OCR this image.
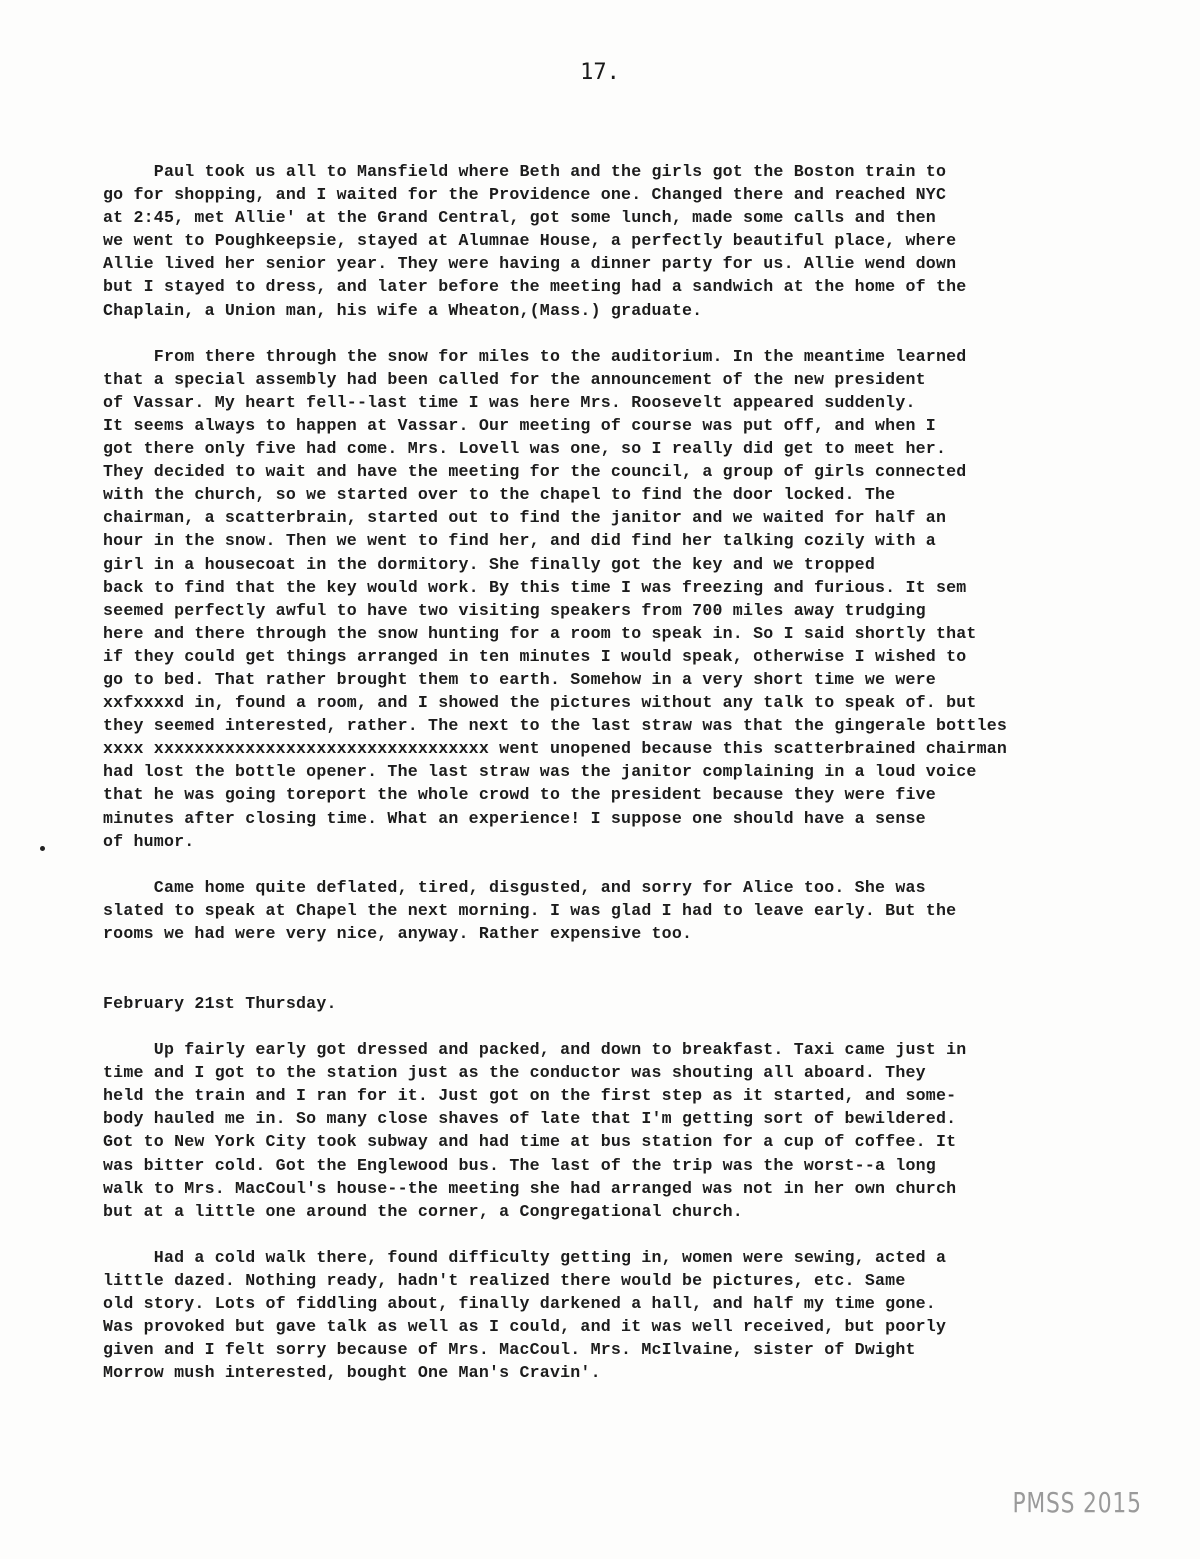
17.
Paul took us all to Mansfield where Beth and the girls got the Boston train to
go for shopping, and I waited for the Providence one. Changed there and reached NYC
at 2:45, met Allie' at the Grand Central, got some lunch, made some calls and then
we went to Poughkeepsie, stayed at Alumnae House, a perfectly beautiful place, where
Allie lived her senior year. They were having a dinner party for us. Allie wend down
but I stayed to dress, and later before the meeting had a sandwich at the home of the
Chaplain, a Union man, his wife a Wheaton,(Mass.) graduate.
From there through the snow for miles to the auditorium. In the meantime learned
that a special assembly had been called for the announcement of the new president
of Vassar. My heart fell--last time I was here Mrs. Roosevelt appeared suddenly.
It seems always to happen at Vassar. Our meeting of course was put off, and when I
got there only five had come. Mrs. Lovell was one, so I really did get to meet her.
They decided to wait and have the meeting for the council, a group of girls connected
with the church, so we started over to the chapel to find the door locked. The
chairman, a scatterbrain, started out to find the janitor and we waited for half an
hour in the snow. Then we went to find her, and did find her talking cozily with a
girl in a housecoat in the dormitory. She finally got the key and we tropped
back to find that the key would work. By this time I was freezing and furious. It sem
seemed perfectly awful to have two visiting speakers from 700 miles away trudging
here and there through the snow hunting for a room to speak in. So I said shortly that
if they could get things arranged in ten minutes I would speak, otherwise I wished to
go to bed. That rather brought them to earth. Somehow in a very short time we were
xxfxxxxd in, found a room, and I showed the pictures without any talk to speak of. but
they seemed interested, rather. The next to the last straw was that the gingerale bottles
xxxx xxxxxxxxxxxxxxxxxxxxxxxxxxxxxxxxx went unopened because this scatterbrained chairman
had lost the bottle opener. The last straw was the janitor complaining in a loud voice
that he was going toreport the whole crowd to the president because they were five
minutes after closing time. What an experience! I suppose one should have a sense
of humor.
Came home quite deflated, tired, disgusted, and sorry for Alice too. She was
slated to speak at Chapel the next morning. I was glad I had to leave early. But the
rooms we had were very nice, anyway. Rather expensive too.
February 21st Thursday.
Up fairly early got dressed and packed, and down to breakfast. Taxi came just in
time and I got to the station just as the conductor was shouting all aboard. They
held the train and I ran for it. Just got on the first step as it started, and some-
body hauled me in. So many close shaves of late that I'm getting sort of bewildered.
Got to New York City took subway and had time at bus station for a cup of coffee. It
was bitter cold. Got the Englewood bus. The last of the trip was the worst--a long
walk to Mrs. MacCoul's house--the meeting she had arranged was not in her own church
but at a little one around the corner, a Congregational church.
Had a cold walk there, found difficulty getting in, women were sewing, acted a
little dazed. Nothing ready, hadn't realized there would be pictures, etc. Same
old story. Lots of fiddling about, finally darkened a hall, and half my time gone.
Was provoked but gave talk as well as I could, and it was well received, but poorly
given and I felt sorry because of Mrs. MacCoul. Mrs. McIlvaine, sister of Dwight
Morrow mush interested, bought One Man's Cravin'.
PMSS 2015
